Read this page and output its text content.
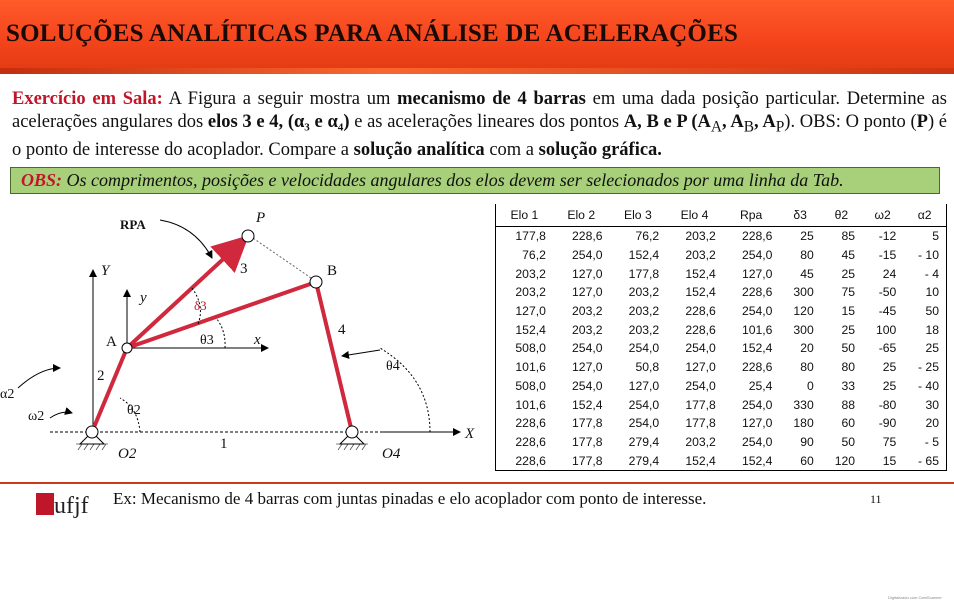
SOLUÇÕES ANALÍTICAS PARA ANÁLISE DE ACELERAÇÕES
Exercício em Sala: A Figura a seguir mostra um mecanismo de 4 barras em uma dada posição particular. Determine as acelerações angulares dos elos 3 e 4, (α₃ e α₄) e as acelerações lineares dos pontos A, B e P ($A_A$, $A_B$, $A_P$). OBS: O ponto (P) é o ponto de interesse do acoplador. Compare a solução analítica com a solução gráfica.
OBS: Os comprimentos, posições e velocidades angulares dos elos devem ser selecionados por uma linha da Tab.
RPA	P
3	B
Y
y	δ3
A	θ3	x
4
θ4
2
α2
θ2
ω2
1
X
O2	O4
Elo 1	Elo 2	Elo 3	Elo 4	Rpa	δ3	θ2	ω2	α2
177,8	228,6	76,2	203,2	228,6	25	85	-12	5
76,2	254,0	152,4	203,2	254,0	80	45	-15	- 10
203,2	127,0	177,8	152,4	127,0	45	25	24	- 4
203,2	127,0	203,2	152,4	228,6	300	75	-50	10
127,0	203,2	203,2	228,6	254,0	120	15	-45	50
152,4	203,2	203,2	228,6	101,6	300	25	100	18
508,0	254,0	254,0	254,0	152,4	20	50	-65	25
101,6	127,0	50,8	127,0	228,6	80	80	25	- 25
508,0	254,0	127,0	254,0	25,4	0	33	25	- 40
101,6	152,4	254,0	177,8	254,0	330	88	-80	30
228,6	177,8	254,0	177,8	127,0	180	60	-90	20
228,6	177,8	279,4	203,2	254,0	90	50	75	- 5
228,6	177,8	279,4	152,4	152,4	60	120	15	- 65
ufjf Ex: Mecanismo de 4 barras com juntas pinadas e elo acoplador com ponto de interesse.	11
Digitalizado com CamScanner
